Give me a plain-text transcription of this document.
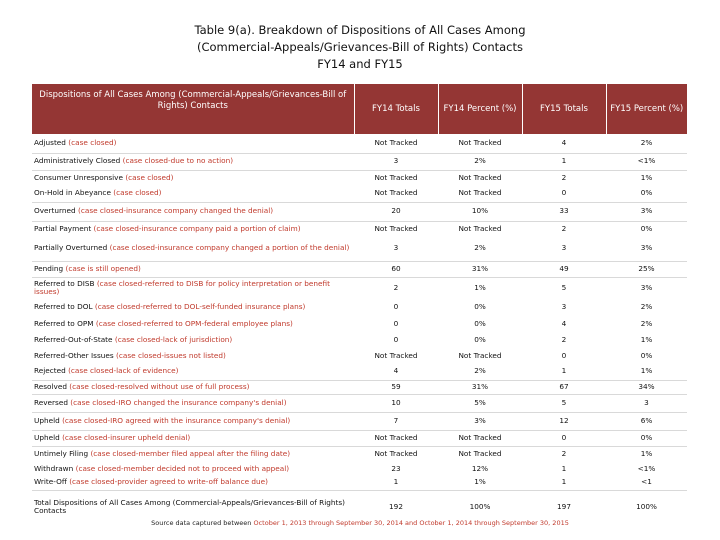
Table 9(a). Breakdown of Dispositions of All Cases Among
(Commercial-Appeals/Grievances-Bill of Rights) Contacts
FY14 and FY15
Dispositions of All Cases Among (Commercial-Appeals/Grievances-Bill of Rights) Contacts	FY14 Totals	FY14 Percent (%)	FY15 Totals	FY15 Percent (%)
Adjusted (case closed)	Not Tracked	Not Tracked	4	2%
Administratively Closed (case closed-due to no action)	3	2%	1	<1%
Consumer Unresponsive (case closed)	Not Tracked	Not Tracked	2	1%
On-Hold in Abeyance (case closed)	Not Tracked	Not Tracked	0	0%
Overturned (case closed-insurance company changed the denial)	20	10%	33	3%
Partial Payment (case closed-insurance company paid a portion of claim)	Not Tracked	Not Tracked	2	0%
Partially Overturned (case closed-insurance company changed a portion of the denial)	3	2%	3	3%
Pending (case is still opened)	60	31%	49	25%
Referred to DISB (case closed-referred to DISB for policy interpretation or benefit issues)	2	1%	5	3%
Referred to DOL (case closed-referred to DOL-self-funded insurance plans)	0	0%	3	2%
Referred to OPM (case closed-referred to OPM-federal employee plans)	0	0%	4	2%
Referred-Out-of-State (case closed-lack of jurisdiction)	0	0%	2	1%
Referred-Other Issues (case closed-issues not listed)	Not Tracked	Not Tracked	0	0%
Rejected (case closed-lack of evidence)	4	2%	1	1%
Resolved (case closed-resolved without use of full process)	59	31%	67	34%
Reversed (case closed-IRO changed the insurance company's denial)	10	5%	5	3
Upheld (case closed-IRO agreed with the insurance company's denial)	7	3%	12	6%
Upheld (case closed-insurer upheld denial)	Not Tracked	Not Tracked	0	0%
Untimely Filing (case closed-member filed appeal after the filing date)	Not Tracked	Not Tracked	2	1%
Withdrawn (case closed-member decided not to proceed with appeal)	23	12%	1	<1%
Write-Off (case closed-provider agreed to write-off balance due)	1	1%	1	<1
Total Dispositions of All Cases Among (Commercial-Appeals/Grievances-Bill of Rights) Contacts	192	100%	197	100%
Source data captured between October 1, 2013 through September 30, 2014 and October 1, 2014 through September 30, 2015
